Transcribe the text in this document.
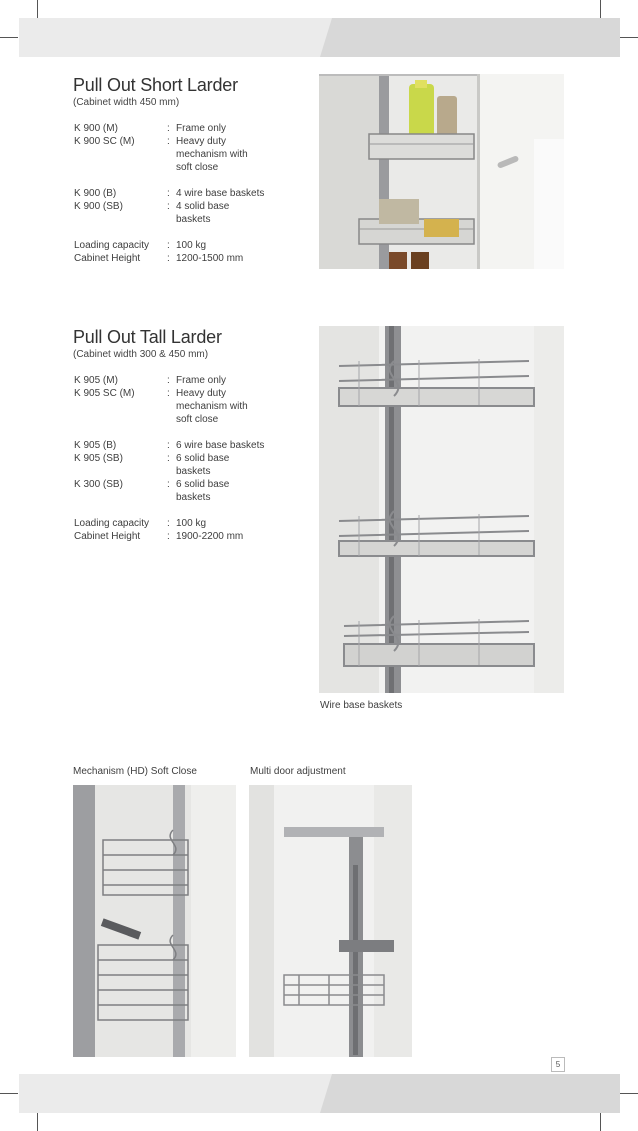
Pull Out Short Larder
(Cabinet width 450 mm)
K 900 (M)	: Frame only
K 900 SC (M)	: Heavy duty mechanism with soft close
K 900 (B)	: 4 wire base baskets
K 900 (SB)	: 4 solid base baskets
Loading capacity : 100 kg
Cabinet Height	: 1200-1500 mm
Pull Out Tall Larder
(Cabinet width 300 & 450 mm)
K 905 (M)	: Frame only
K 905 SC (M)	: Heavy duty mechanism with soft close
K 905 (B)	: 6 wire base baskets
K 905 (SB)	: 6 solid base baskets
K 300 (SB)	: 6 solid base baskets
Loading capacity : 100 kg
Cabinet Height	: 1900-2200 mm
Wire base baskets
Mechanism (HD) Soft Close	Multi door adjustment
5
